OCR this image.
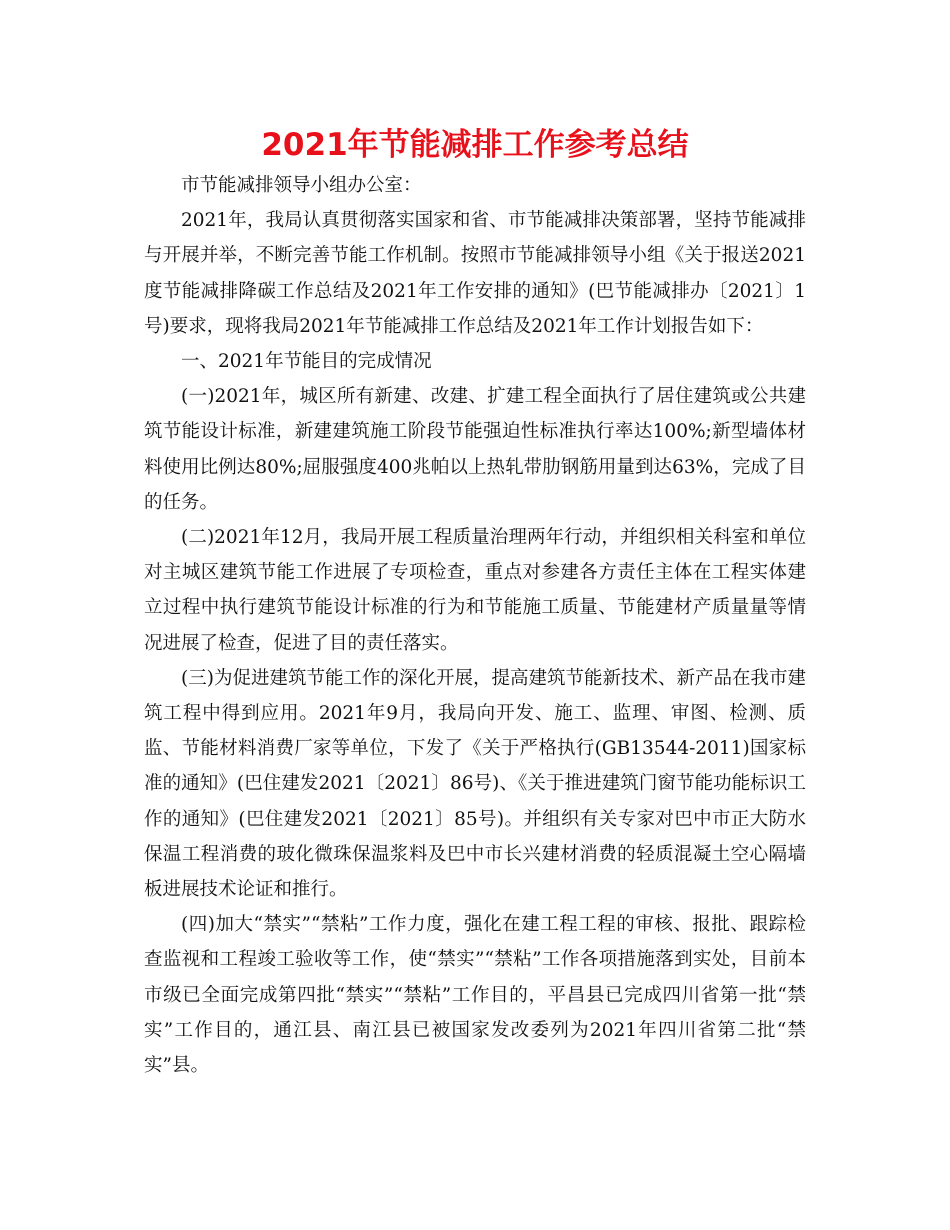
2021年节能减排工作参考总结

市节能减排领导小组办公室：

2021年，我局认真贯彻落实国家和省、市节能减排决策部署，坚持节能减排与开展并举，不断完善节能工作机制。按照市节能减排领导小组《关于报送2021度节能减排降碳工作总结及2021年工作安排的通知》(巴节能减排办〔2021〕1号)要求，现将我局2021年节能减排工作总结及2021年工作计划报告如下：

一、2021年节能目的完成情况

(一)2021年，城区所有新建、改建、扩建工程全面执行了居住建筑或公共建筑节能设计标准，新建建筑施工阶段节能强迫性标准执行率达100%;新型墙体材料使用比例达80%;屈服强度400兆帕以上热轧带肋钢筋用量到达63%，完成了目的任务。

(二)2021年12月，我局开展工程质量治理两年行动，并组织相关科室和单位对主城区建筑节能工作进展了专项检查，重点对参建各方责任主体在工程实体建立过程中执行建筑节能设计标准的行为和节能施工质量、节能建材产质量量等情况进展了检查，促进了目的责任落实。

(三)为促进建筑节能工作的深化开展，提高建筑节能新技术、新产品在我市建筑工程中得到应用。2021年9月，我局向开发、施工、监理、审图、检测、质监、节能材料消费厂家等单位，下发了《关于严格执行(GB13544-2011)国家标准的通知》(巴住建发2021〔2021〕86号)、《关于推进建筑门窗节能功能标识工作的通知》(巴住建发2021〔2021〕85号)。并组织有关专家对巴中市正大防水保温工程消费的玻化微珠保温浆料及巴中市长兴建材消费的轻质混凝土空心隔墙板进展技术论证和推行。

(四)加大“禁实”“禁粘”工作力度，强化在建工程工程的审核、报批、跟踪检查监视和工程竣工验收等工作，使“禁实”“禁粘”工作各项措施落到实处，目前本市级已全面完成第四批“禁实”“禁粘”工作目的，平昌县已完成四川省第一批“禁实”工作目的，通江县、南江县已被国家发改委列为2021年四川省第二批“禁实”县。
